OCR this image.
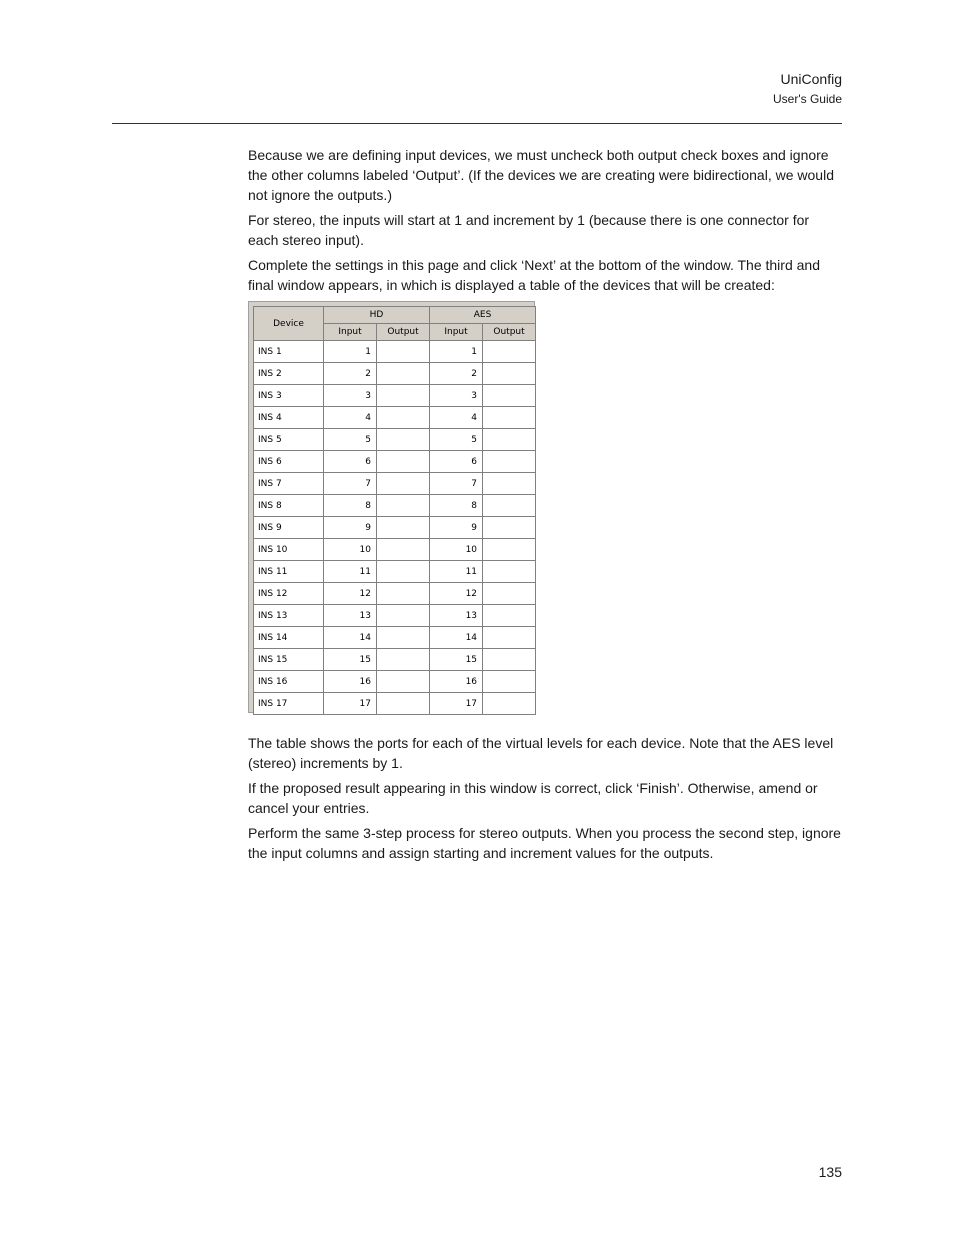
UniConfig
User's Guide

Because we are defining input devices, we must uncheck both output check boxes and ignore the other columns labeled ‘Output’. (If the devices we are creating were bidirectional, we would not ignore the outputs.)

For stereo, the inputs will start at 1 and increment by 1 (because there is one connector for each stereo input).

Complete the settings in this page and click ‘Next’ at the bottom of the window. The third and final window appears, in which is displayed a table of the devices that will be created:

Device	HD		AES	
	Input	Output	Input	Output
INS 1	1		1	
INS 2	2		2	
INS 3	3		3	
INS 4	4		4	
INS 5	5		5	
INS 6	6		6	
INS 7	7		7	
INS 8	8		8	
INS 9	9		9	
INS 10	10		10	
INS 11	11		11	
INS 12	12		12	
INS 13	13		13	
INS 14	14		14	
INS 15	15		15	
INS 16	16		16	
INS 17	17		17	

The table shows the ports for each of the virtual levels for each device. Note that the AES level (stereo) increments by 1.

If the proposed result appearing in this window is correct, click ‘Finish’. Otherwise, amend or cancel your entries.

Perform the same 3-step process for stereo outputs. When you process the second step, ignore the input columns and assign starting and increment values for the outputs.

135
